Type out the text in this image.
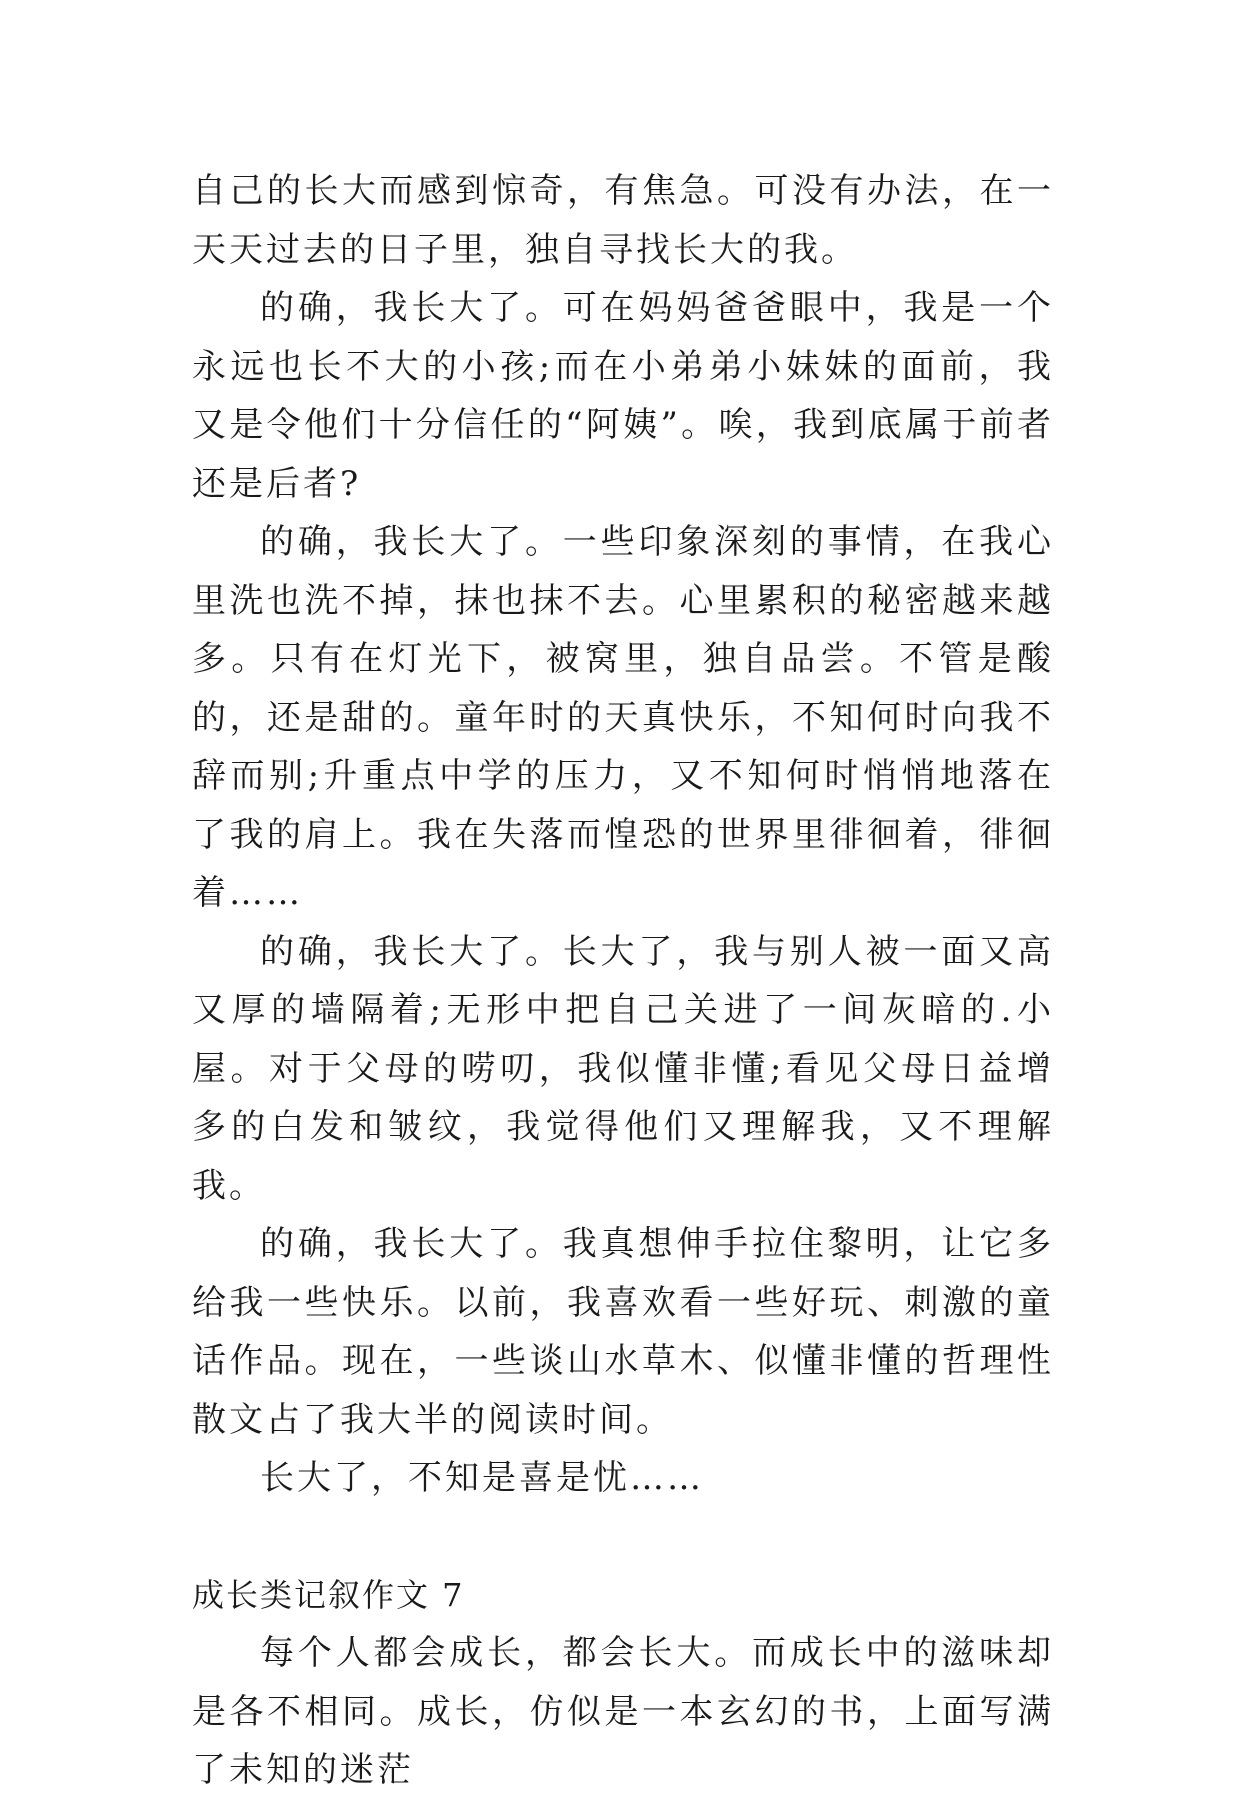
自己的长大而感到惊奇，有焦急。可没有办法，在一天天过去的日子里，独自寻找长大的我。

的确，我长大了。可在妈妈爸爸眼中，我是一个永远也长不大的小孩;而在小弟弟小妹妹的面前，我又是令他们十分信任的“阿姨”。唉，我到底属于前者还是后者?

的确，我长大了。一些印象深刻的事情，在我心里洗也洗不掉，抹也抹不去。心里累积的秘密越来越多。只有在灯光下，被窝里，独自品尝。不管是酸的，还是甜的。童年时的天真快乐，不知何时向我不辞而别;升重点中学的压力，又不知何时悄悄地落在了我的肩上。我在失落而惶恐的世界里徘徊着，徘徊着……

的确，我长大了。长大了，我与别人被一面又高又厚的墙隔着;无形中把自己关进了一间灰暗的.小屋。对于父母的唠叨，我似懂非懂;看见父母日益增多的白发和皱纹，我觉得他们又理解我，又不理解我。

的确，我长大了。我真想伸手拉住黎明，让它多给我一些快乐。以前，我喜欢看一些好玩、刺激的童话作品。现在，一些谈山水草木、似懂非懂的哲理性散文占了我大半的阅读时间。

长大了，不知是喜是忧……

成长类记叙作文 7

每个人都会成长，都会长大。而成长中的滋味却是各不相同。成长，仿似是一本玄幻的书，上面写满了未知的迷茫
